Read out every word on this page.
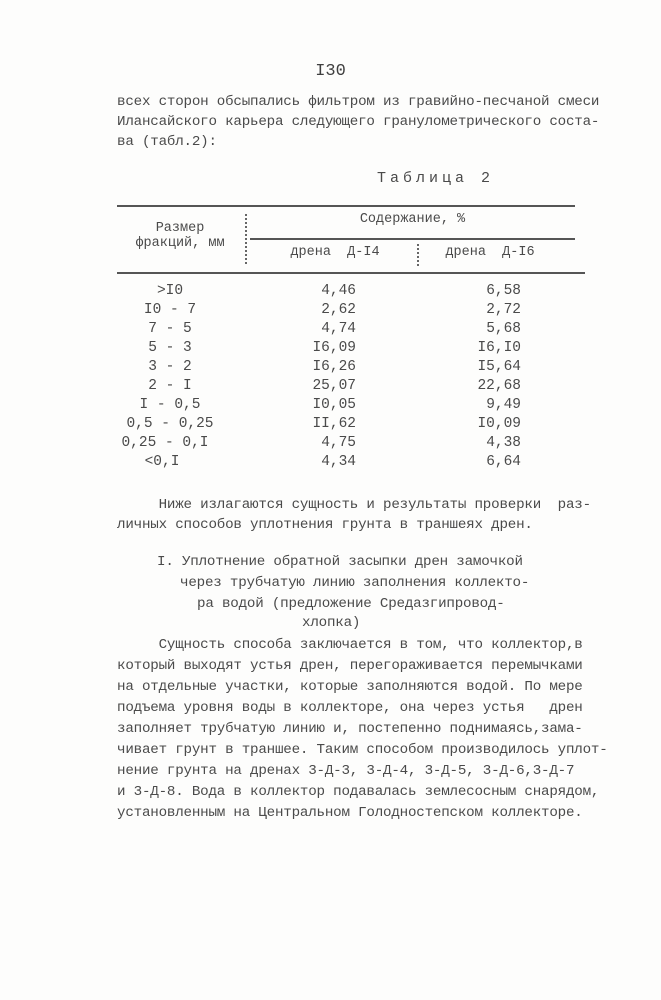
I30
всех сторон обсыпались фильтром из гравийно-песчаной смеси
Илансайского карьера следующего гранулометрического соста-
ва (табл.2):
Таблица 2
Размер
фракций, мм
Содержание, %
дрена  Д-I4	дрена  Д-I6
>I0	4,46	6,58
I0 - 7	2,62	2,72
7 - 5	4,74	5,68
5 - 3	I6,09	I6,I0
3 - 2	I6,26	I5,64
2 - I	25,07	22,68
I - 0,5	I0,05	9,49
0,5 - 0,25	II,62	I0,09
0,25 - 0,I	4,75	4,38
<0,I	4,34	6,64
Ниже излагаются сущность и результаты проверки  раз-
личных способов уплотнения грунта в траншеях дрен.
I. Уплотнение обратной засыпки дрен замочкой
через трубчатую линию заполнения коллекто-
ра водой (предложение Средазгипровод-
хлопка)
Сущность способа заключается в том, что коллектор,в
который выходят устья дрен, перегораживается перемычками
на отдельные участки, которые заполняются водой. По мере
подъема уровня воды в коллекторе, она через устья   дрен
заполняет трубчатую линию и, постепенно поднимаясь,зама-
чивает грунт в траншее. Таким способом производилось уплот-
нение грунта на дренах 3-Д-3, 3-Д-4, 3-Д-5, 3-Д-6,3-Д-7
и 3-Д-8. Вода в коллектор подавалась землесосным снарядом,
установленным на Центральном Голодностепском коллекторе.
